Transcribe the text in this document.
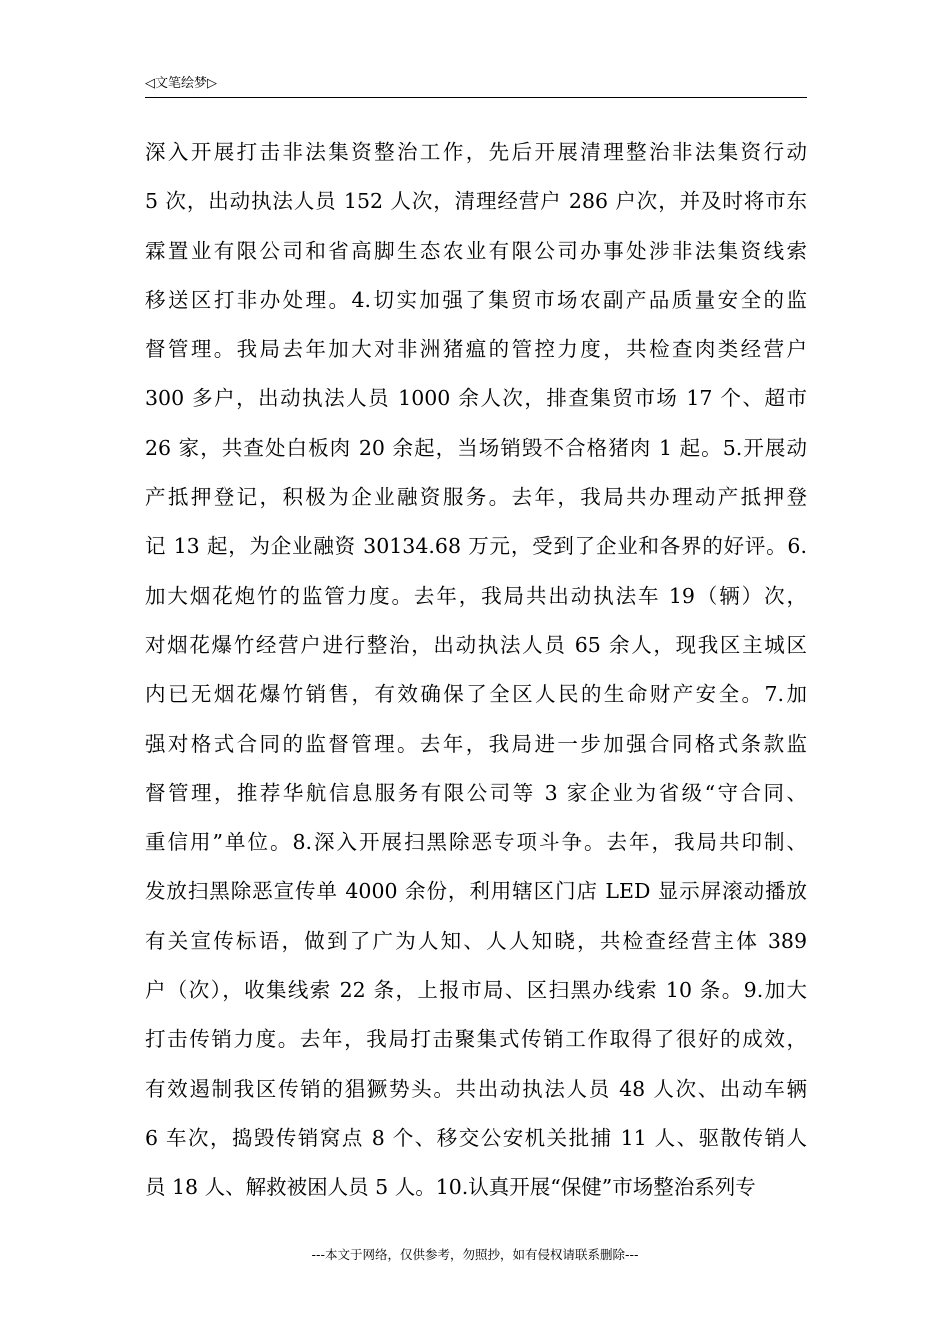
◁文笔绘梦▷
深入开展打击非法集资整治工作，先后开展清理整治非法集资行动
5 次，出动执法人员 152 人次，清理经营户 286 户次，并及时将市东
霖置业有限公司和省高脚生态农业有限公司办事处涉非法集资线索
移送区打非办处理。4.切实加强了集贸市场农副产品质量安全的监
督管理。我局去年加大对非洲猪瘟的管控力度，共检查肉类经营户
300 多户，出动执法人员 1000 余人次，排查集贸市场 17 个、超市
26 家，共查处白板肉 20 余起，当场销毁不合格猪肉 1 起。5.开展动
产抵押登记，积极为企业融资服务。去年，我局共办理动产抵押登
记 13 起，为企业融资 30134.68 万元，受到了企业和各界的好评。6.
加大烟花炮竹的监管力度。去年，我局共出动执法车 19（辆）次，
对烟花爆竹经营户进行整治，出动执法人员 65 余人，现我区主城区
内已无烟花爆竹销售，有效确保了全区人民的生命财产安全。7.加
强对格式合同的监督管理。去年，我局进一步加强合同格式条款监
督管理，推荐华航信息服务有限公司等 3 家企业为省级“守合同、
重信用”单位。8.深入开展扫黑除恶专项斗争。去年，我局共印制、
发放扫黑除恶宣传单 4000 余份，利用辖区门店 LED 显示屏滚动播放
有关宣传标语，做到了广为人知、人人知晓，共检查经营主体 389
户（次），收集线索 22 条，上报市局、区扫黑办线索 10 条。9.加大
打击传销力度。去年，我局打击聚集式传销工作取得了很好的成效，
有效遏制我区传销的猖獗势头。共出动执法人员 48 人次、出动车辆
6 车次，捣毁传销窝点 8 个、移交公安机关批捕 11 人、驱散传销人
员 18 人、解救被困人员 5 人。10.认真开展“保健”市场整治系列专
---本文于网络，仅供参考，勿照抄，如有侵权请联系删除---
